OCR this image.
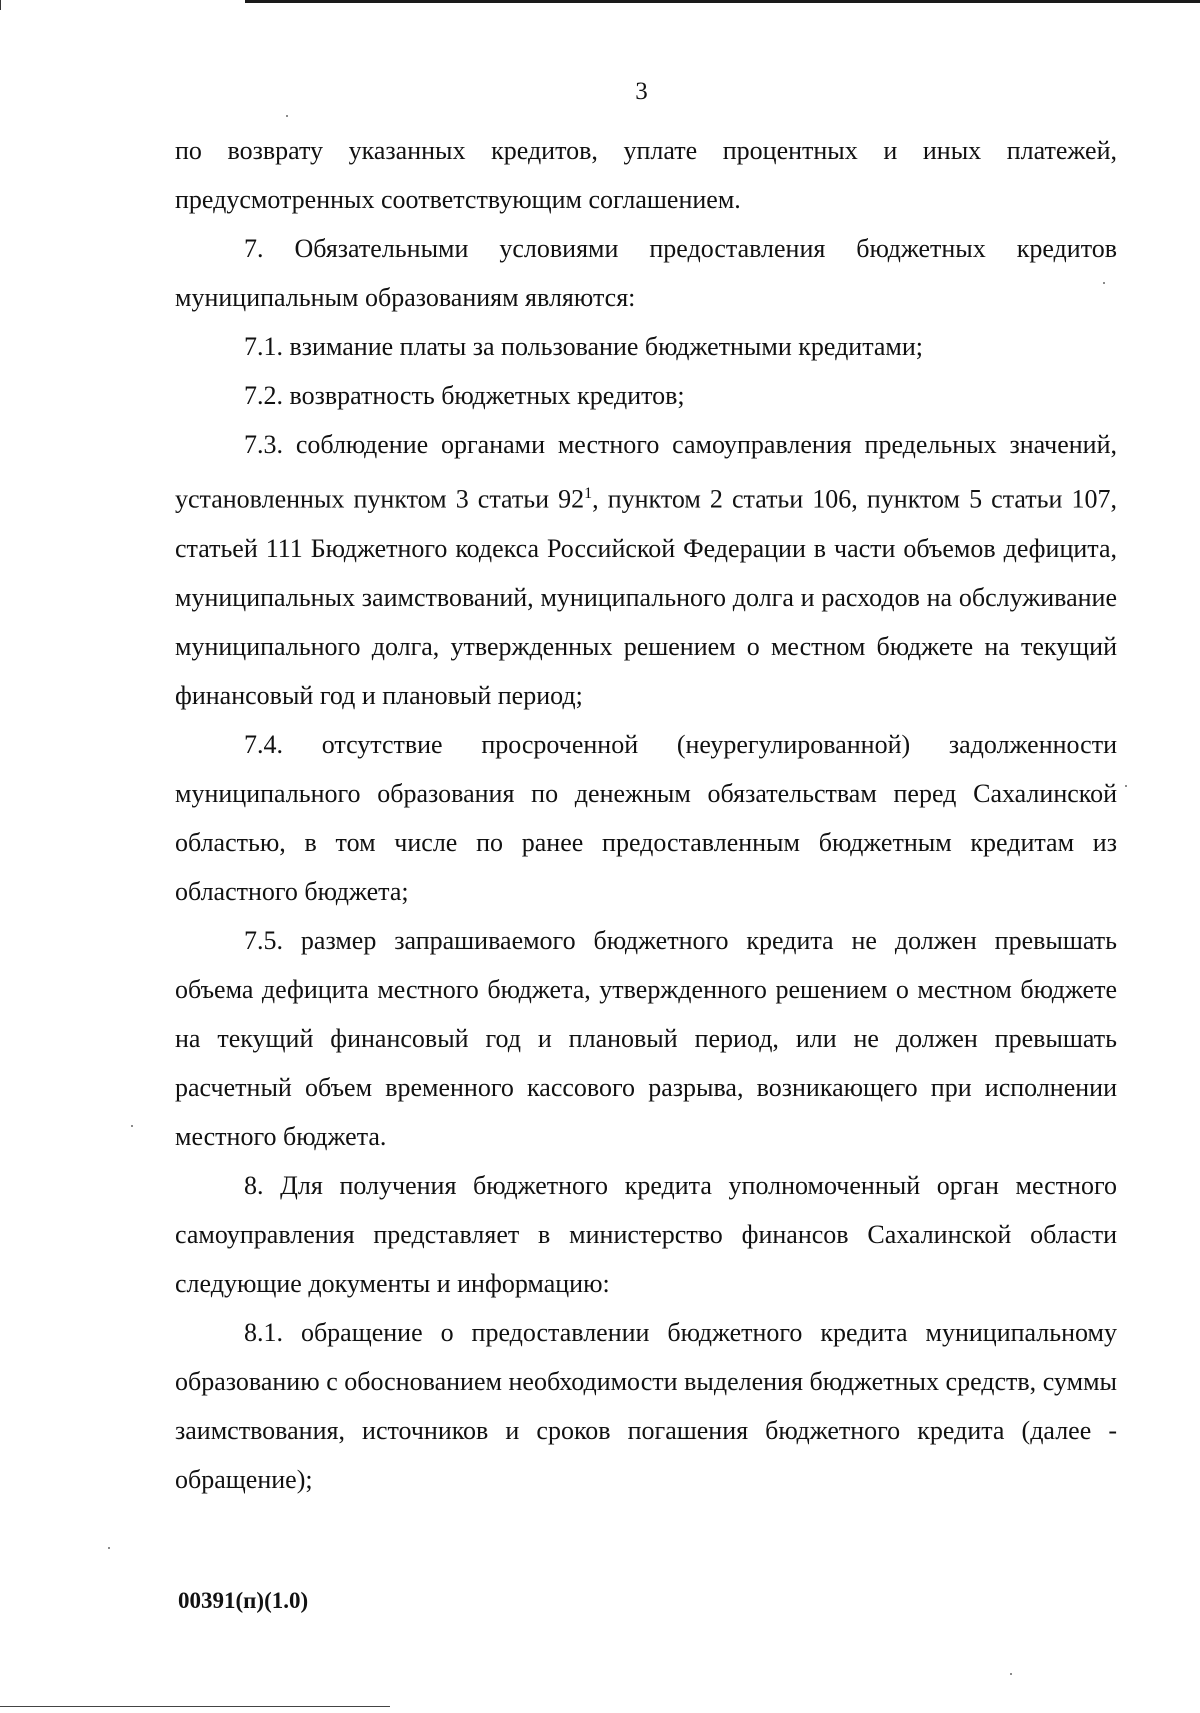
3

по возврату указанных кредитов, уплате процентных и иных платежей, предусмотренных соответствующим соглашением.

7. Обязательными условиями предоставления бюджетных кредитов муниципальным образованиям являются:

7.1. взимание платы за пользование бюджетными кредитами;

7.2. возвратность бюджетных кредитов;

7.3. соблюдение органами местного самоуправления предельных значений, установленных пунктом 3 статьи $92^1$, пунктом 2 статьи 106, пунктом 5 статьи 107, статьей 111 Бюджетного кодекса Российской Федерации в части объемов дефицита, муниципальных заимствований, муниципального долга и расходов на обслуживание муниципального долга, утвержденных решением о местном бюджете на текущий финансовый год и плановый период;

7.4. отсутствие просроченной (неурегулированной) задолженности муниципального образования по денежным обязательствам перед Сахалинской областью, в том числе по ранее предоставленным бюджетным кредитам из областного бюджета;

7.5. размер запрашиваемого бюджетного кредита не должен превышать объема дефицита местного бюджета, утвержденного решением о местном бюджете на текущий финансовый год и плановый период, или не должен превышать расчетный объем временного кассового разрыва, возникающего при исполнении местного бюджета.

8. Для получения бюджетного кредита уполномоченный орган местного самоуправления представляет в министерство финансов Сахалинской области следующие документы и информацию:

8.1. обращение о предоставлении бюджетного кредита муниципальному образованию с обоснованием необходимости выделения бюджетных средств, суммы заимствования, источников и сроков погашения бюджетного кредита (далее - обращение);

00391(п)(1.0)
